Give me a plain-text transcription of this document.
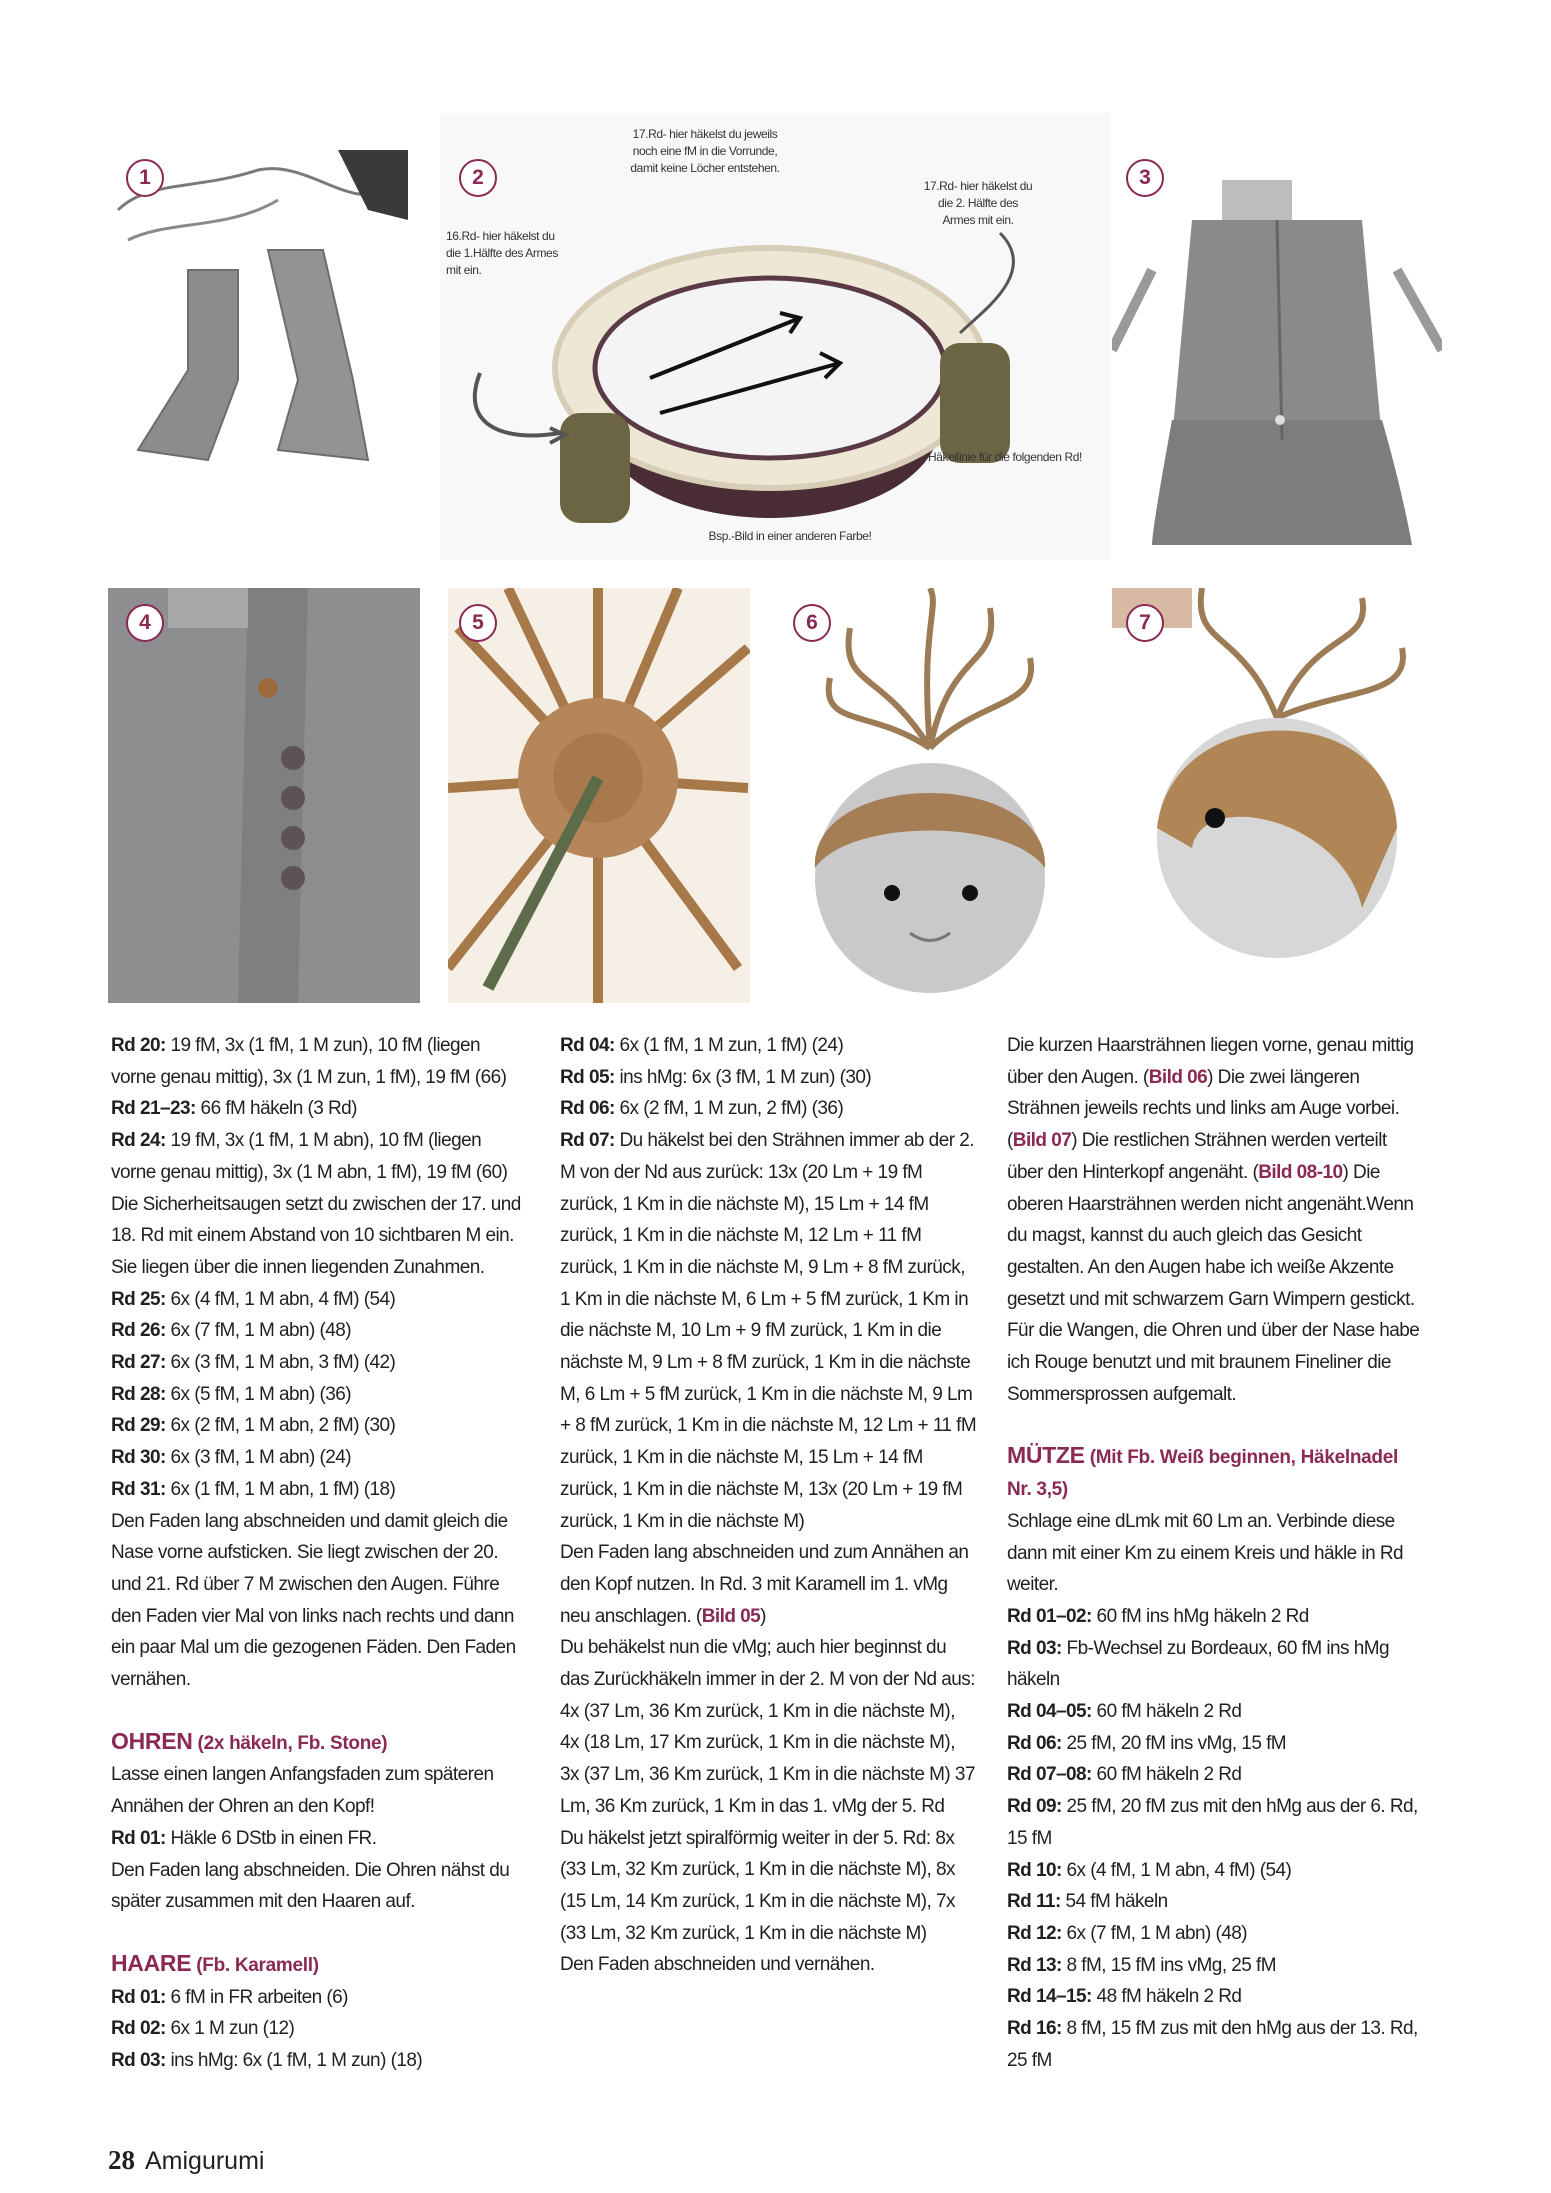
16.Rd- hier häkelst du die 1.Hälfte des Armes mit ein.
17.Rd- hier häkelst du jeweils noch eine fM in die Vorrunde, damit keine Löcher entstehen.
17.Rd- hier häkelst du die 2. Hälfte des Armes mit ein.
Häkellinie für die folgenden Rd!
Bsp.-Bild in einer anderen Farbe!
1	2	3
4	5	6	7

Rd 20: 19 fM, 3x (1 fM, 1 M zun), 10 fM (liegen vorne genau mittig), 3x (1 M zun, 1 fM), 19 fM (66)

Rd 21–23: 66 fM häkeln (3 Rd)

Rd 24: 19 fM, 3x (1 fM, 1 M abn), 10 fM (liegen vorne genau mittig), 3x (1 M abn, 1 fM), 19 fM (60)

Die Sicherheitsaugen setzt du zwischen der 17. und 18. Rd mit einem Abstand von 10 sichtbaren M ein. Sie liegen über die innen liegenden Zunahmen.

Rd 25: 6x (4 fM, 1 M abn, 4 fM) (54)

Rd 26: 6x (7 fM, 1 M abn) (48)

Rd 27: 6x (3 fM, 1 M abn, 3 fM) (42)

Rd 28: 6x (5 fM, 1 M abn) (36)

Rd 29: 6x (2 fM, 1 M abn, 2 fM) (30)

Rd 30: 6x (3 fM, 1 M abn) (24)

Rd 31: 6x (1 fM, 1 M abn, 1 fM) (18)

Den Faden lang abschneiden und damit gleich die Nase vorne aufsticken. Sie liegt zwischen der 20. und 21. Rd über 7 M zwischen den Augen. Führe den Faden vier Mal von links nach rechts und dann ein paar Mal um die gezogenen Fäden. Den Faden vernähen.

OHREN (2x häkeln, Fb. Stone)

Lasse einen langen Anfangsfaden zum späteren Annähen der Ohren an den Kopf!

Rd 01: Häkle 6 DStb in einen FR.

Den Faden lang abschneiden. Die Ohren nähst du später zusammen mit den Haaren auf.

HAARE (Fb. Karamell)

Rd 01: 6 fM in FR arbeiten (6)

Rd 02: 6x 1 M zun (12)

Rd 03: ins hMg: 6x (1 fM, 1 M zun) (18)

Rd 04: 6x (1 fM, 1 M zun, 1 fM) (24)

Rd 05: ins hMg: 6x (3 fM, 1 M zun) (30)

Rd 06: 6x (2 fM, 1 M zun, 2 fM) (36)

Rd 07: Du häkelst bei den Strähnen immer ab der 2. M von der Nd aus zurück: 13x (20 Lm + 19 fM zurück, 1 Km in die nächste M), 15 Lm + 14 fM zurück, 1 Km in die nächste M, 12 Lm + 11 fM zurück, 1 Km in die nächste M, 9 Lm + 8 fM zurück, 1 Km in die nächste M, 6 Lm + 5 fM zurück, 1 Km in die nächste M, 10 Lm + 9 fM zurück, 1 Km in die nächste M, 9 Lm + 8 fM zurück, 1 Km in die nächste M, 6 Lm + 5 fM zurück, 1 Km in die nächste M, 9 Lm + 8 fM zurück, 1 Km in die nächste M, 12 Lm + 11 fM zurück, 1 Km in die nächste M, 15 Lm + 14 fM zurück, 1 Km in die nächste M, 13x (20 Lm + 19 fM zurück, 1 Km in die nächste M)

Den Faden lang abschneiden und zum Annähen an den Kopf nutzen. In Rd. 3 mit Karamell im 1. vMg neu anschlagen. (Bild 05)

Du behäkelst nun die vMg; auch hier beginnst du das Zurückhäkeln immer in der 2. M von der Nd aus: 4x (37 Lm, 36 Km zurück, 1 Km in die nächste M), 4x (18 Lm, 17 Km zurück, 1 Km in die nächste M), 3x (37 Lm, 36 Km zurück, 1 Km in die nächste M) 37 Lm, 36 Km zurück, 1 Km in das 1. vMg der 5. Rd

Du häkelst jetzt spiralförmig weiter in der 5. Rd: 8x (33 Lm, 32 Km zurück, 1 Km in die nächste M), 8x (15 Lm, 14 Km zurück, 1 Km in die nächste M), 7x (33 Lm, 32 Km zurück, 1 Km in die nächste M)

Den Faden abschneiden und vernähen.

Die kurzen Haarsträhnen liegen vorne, genau mittig über den Augen. (Bild 06) Die zwei längeren Strähnen jeweils rechts und links am Auge vorbei. (Bild 07) Die restlichen Strähnen werden verteilt über den Hinterkopf angenäht. (Bild 08-10) Die oberen Haarsträhnen werden nicht angenäht.Wenn du magst, kannst du auch gleich das Gesicht gestalten. An den Augen habe ich weiße Akzente gesetzt und mit schwarzem Garn Wimpern gestickt. Für die Wangen, die Ohren und über der Nase habe ich Rouge benutzt und mit braunem Fineliner die Sommersprossen aufgemalt.

MÜTZE (Mit Fb. Weiß beginnen, Häkelnadel Nr. 3,5)

Schlage eine dLmk mit 60 Lm an. Verbinde diese dann mit einer Km zu einem Kreis und häkle in Rd weiter.

Rd 01–02: 60 fM ins hMg häkeln 2 Rd

Rd 03: Fb-Wechsel zu Bordeaux, 60 fM ins hMg häkeln

Rd 04–05: 60 fM häkeln 2 Rd

Rd 06: 25 fM, 20 fM ins vMg, 15 fM

Rd 07–08: 60 fM häkeln 2 Rd

Rd 09: 25 fM, 20 fM zus mit den hMg aus der 6. Rd, 15 fM

Rd 10: 6x (4 fM, 1 M abn, 4 fM) (54)

Rd 11: 54 fM häkeln

Rd 12: 6x (7 fM, 1 M abn) (48)

Rd 13: 8 fM, 15 fM ins vMg, 25 fM

Rd 14–15: 48 fM häkeln 2 Rd

Rd 16: 8 fM, 15 fM zus mit den hMg aus der 13. Rd, 25 fM

28 Amigurumi
